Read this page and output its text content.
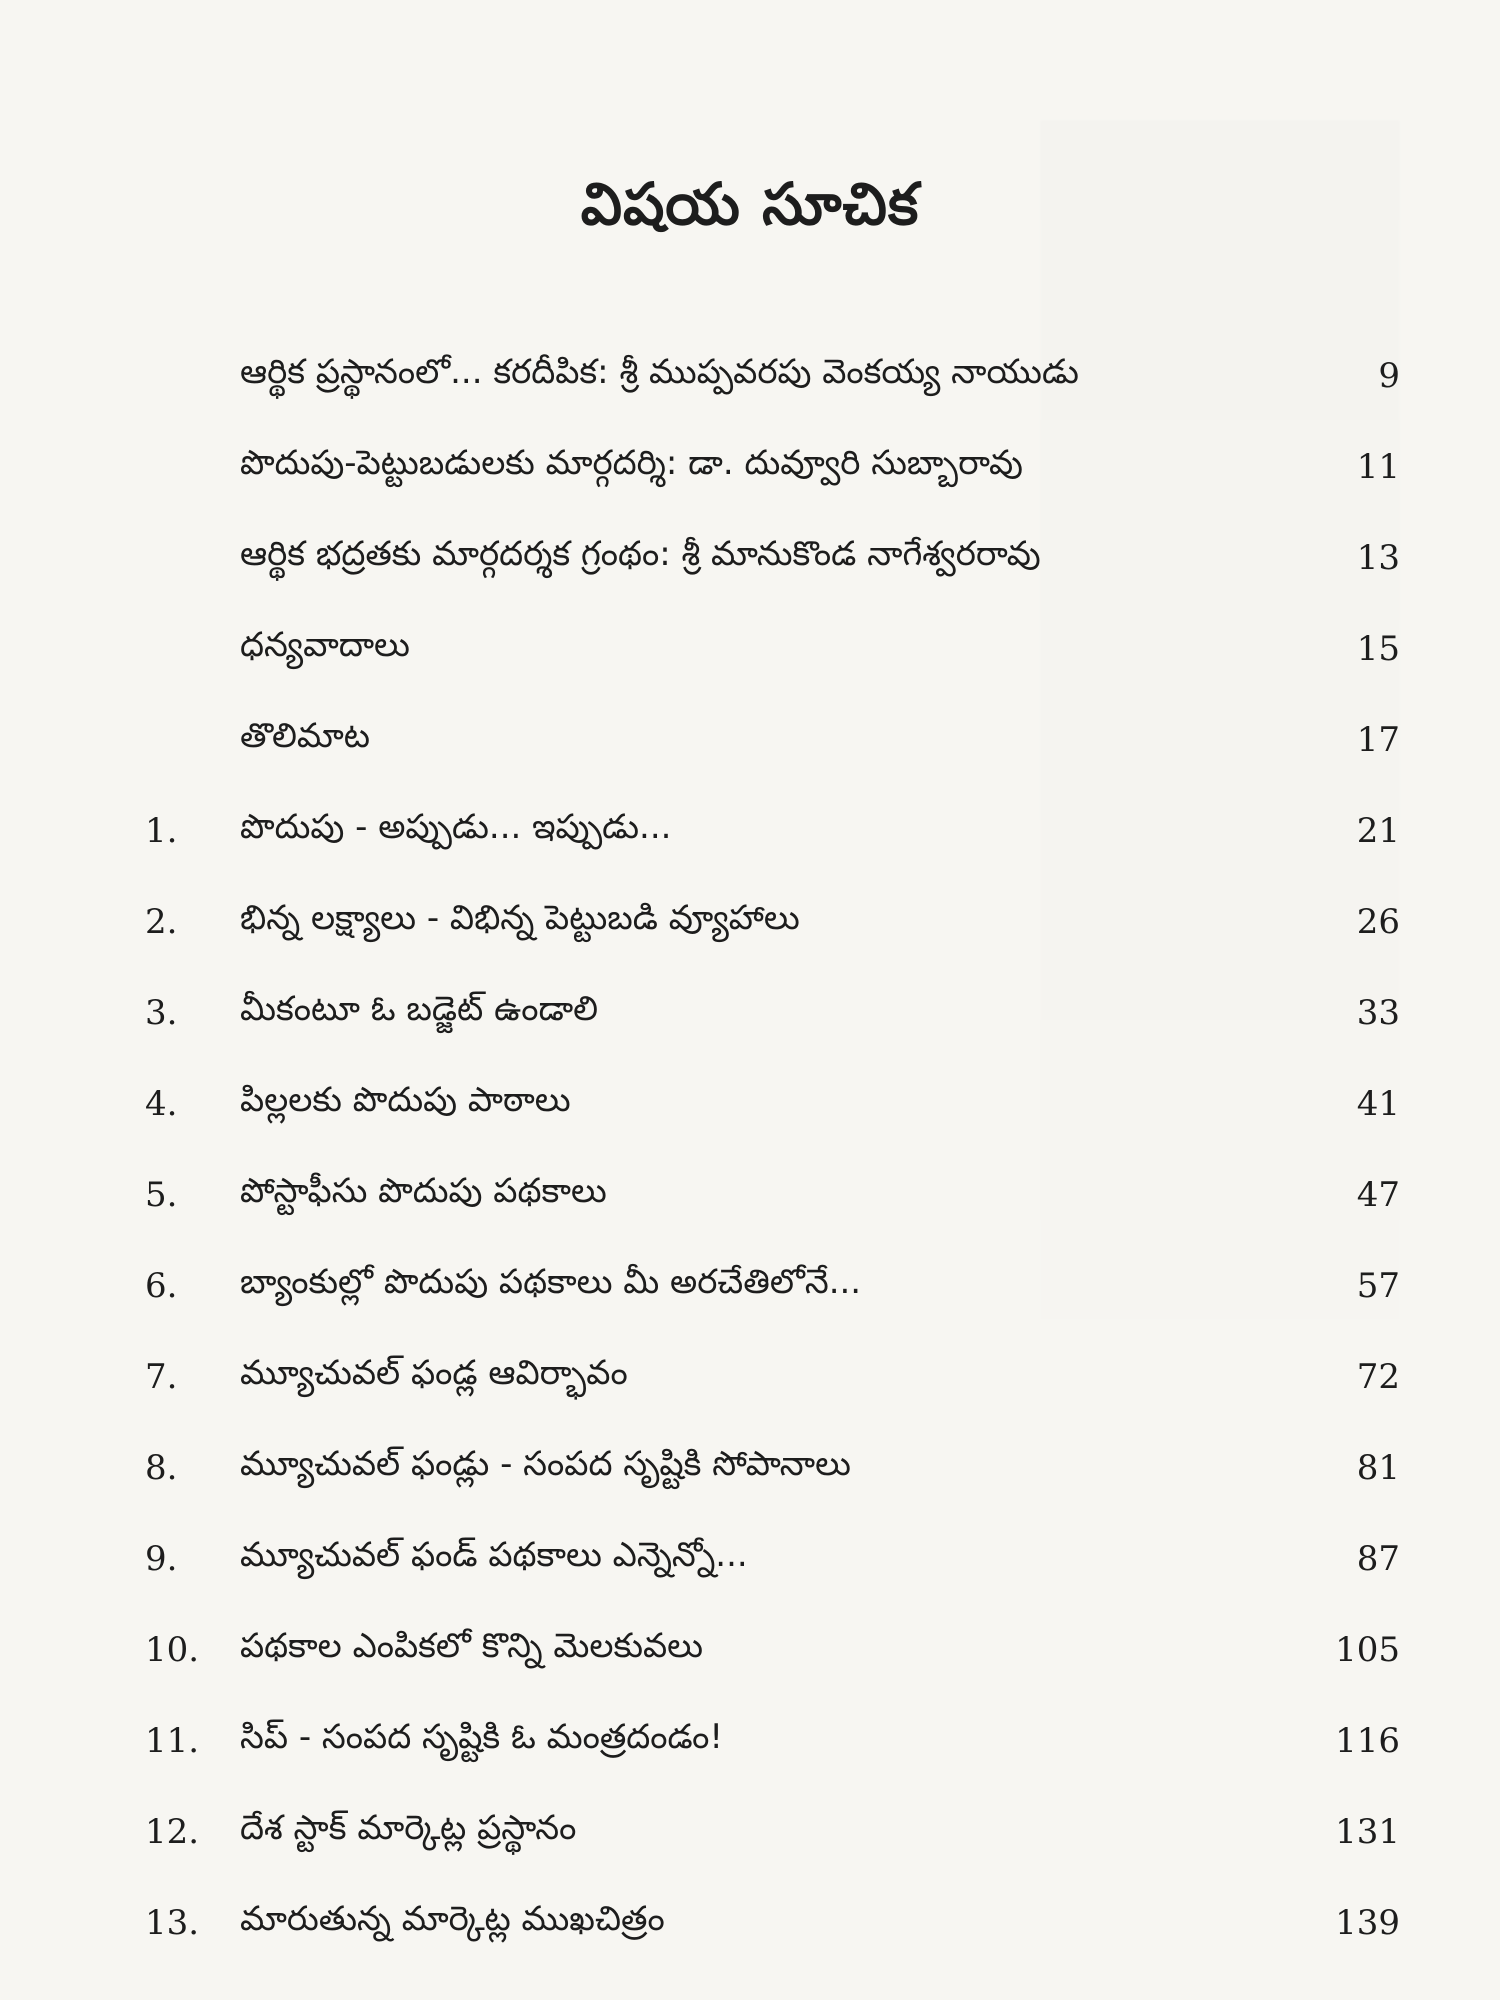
విషయ సూచిక
ఆర్థిక ప్రస్థానంలో... కరదీపిక: శ్రీ ముప్పవరపు వెంకయ్య నాయుడు	9
పొదుపు-పెట్టుబడులకు మార్గదర్శి: డా. దువ్వూరి సుబ్బారావు	11
ఆర్థిక భద్రతకు మార్గదర్శక గ్రంథం: శ్రీ మానుకొండ నాగేశ్వరరావు	13
ధన్యవాదాలు	15
తొలిమాట	17
1.	పొదుపు - అప్పుడు... ఇప్పుడు...	21
2.	భిన్న లక్ష్యాలు - విభిన్న పెట్టుబడి వ్యూహాలు	26
3.	మీకంటూ ఓ బడ్జెట్ ఉండాలి	33
4.	పిల్లలకు పొదుపు పాఠాలు	41
5.	పోస్టాఫీసు పొదుపు పథకాలు	47
6.	బ్యాంకుల్లో పొదుపు పథకాలు మీ అరచేతిలోనే...	57
7.	మ్యూచువల్ ఫండ్ల ఆవిర్భావం	72
8.	మ్యూచువల్ ఫండ్లు - సంపద సృష్టికి సోపానాలు	81
9.	మ్యూచువల్ ఫండ్ పథకాలు ఎన్నెన్నో...	87
10.	పథకాల ఎంపికలో కొన్ని మెలకువలు	105
11.	సిప్ - సంపద సృష్టికి ఓ మంత్రదండం!	116
12.	దేశ స్టాక్ మార్కెట్ల ప్రస్థానం	131
13.	మారుతున్న మార్కెట్ల ముఖచిత్రం	139
